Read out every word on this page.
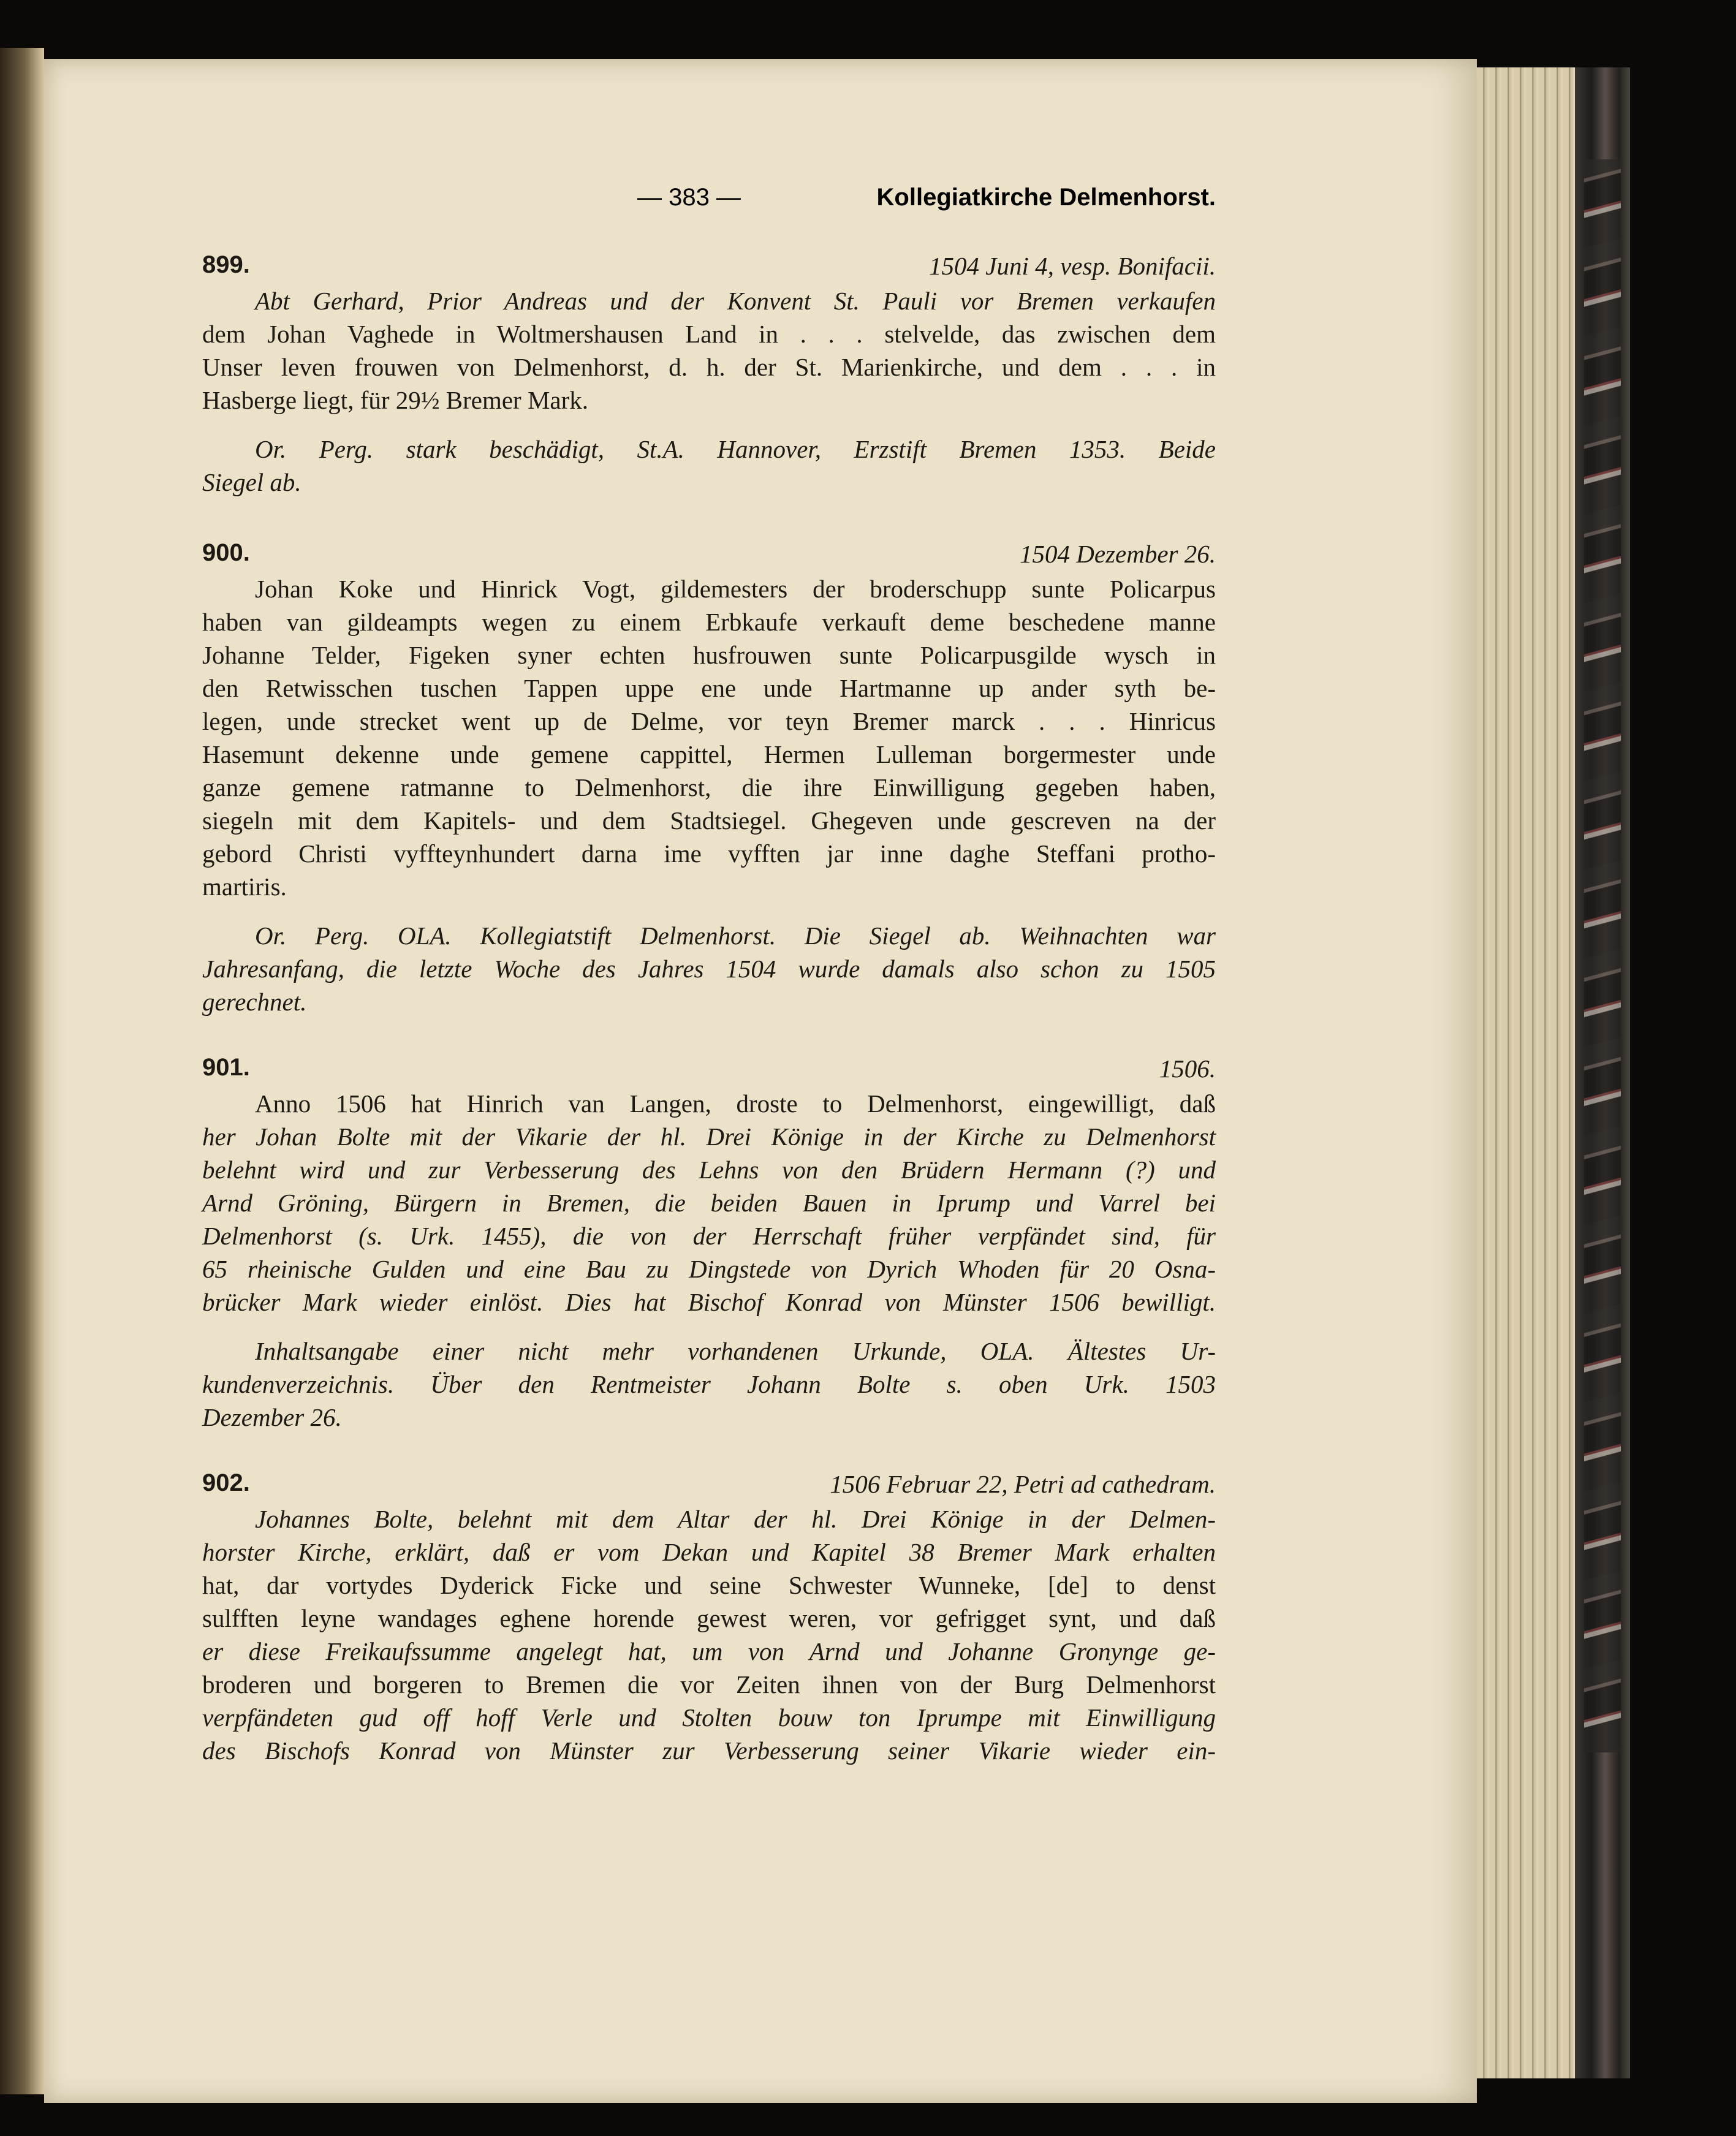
— 383 —	Kollegiatkirche Delmenhorst.
899.	1504 Juni 4, vesp. Bonifacii.
Abt Gerhard, Prior Andreas und der Konvent St. Pauli vor Bremen verkaufen
dem Johan Vaghede in Woltmershausen Land in . . . stelvelde, das zwischen dem
Unser leven frouwen von Delmenhorst, d. h. der St. Marienkirche, und dem . . . in
Hasberge liegt, für 29½ Bremer Mark.
Or. Perg. stark beschädigt, St.A. Hannover, Erzstift Bremen 1353. Beide
Siegel ab.
900.	1504 Dezember 26.
Johan Koke und Hinrick Vogt, gildemesters der broderschupp sunte Policarpus
haben van gildeampts wegen zu einem Erbkaufe verkauft deme beschedene manne
Johanne Telder, Figeken syner echten husfrouwen sunte Policarpusgilde wysch in
den Retwisschen tuschen Tappen uppe ene unde Hartmanne up ander syth be-
legen, unde strecket went up de Delme, vor teyn Bremer marck . . . Hinricus
Hasemunt dekenne unde gemene cappittel, Hermen Lulleman borgermester unde
ganze gemene ratmanne to Delmenhorst, die ihre Einwilligung gegeben haben,
siegeln mit dem Kapitels- und dem Stadtsiegel. Ghegeven unde gescreven na der
gebord Christi vyffteynhundert darna ime vyfften jar inne daghe Steffani protho-
martiris.
Or. Perg. OLA. Kollegiatstift Delmenhorst. Die Siegel ab. Weihnachten war
Jahresanfang, die letzte Woche des Jahres 1504 wurde damals also schon zu 1505
gerechnet.
901.	1506.
Anno 1506 hat Hinrich van Langen, droste to Delmenhorst, eingewilligt, daß
her Johan Bolte mit der Vikarie der hl. Drei Könige in der Kirche zu Delmenhorst
belehnt wird und zur Verbesserung des Lehns von den Brüdern Hermann (?) und
Arnd Gröning, Bürgern in Bremen, die beiden Bauen in Iprump und Varrel bei
Delmenhorst (s. Urk. 1455), die von der Herrschaft früher verpfändet sind, für
65 rheinische Gulden und eine Bau zu Dingstede von Dyrich Whoden für 20 Osna-
brücker Mark wieder einlöst. Dies hat Bischof Konrad von Münster 1506 bewilligt.
Inhaltsangabe einer nicht mehr vorhandenen Urkunde, OLA. Ältestes Ur-
kundenverzeichnis. Über den Rentmeister Johann Bolte s. oben Urk. 1503
Dezember 26.
902.	1506 Februar 22, Petri ad cathedram.
Johannes Bolte, belehnt mit dem Altar der hl. Drei Könige in der Delmen-
horster Kirche, erklärt, daß er vom Dekan und Kapitel 38 Bremer Mark erhalten
hat, dar vortydes Dyderick Ficke und seine Schwester Wunneke, [de] to denst
sulfften leyne wandages eghene horende gewest weren, vor gefrigget synt, und daß
er diese Freikaufssumme angelegt hat, um von Arnd und Johanne Gronynge ge-
broderen und borgeren to Bremen die vor Zeiten ihnen von der Burg Delmenhorst
verpfändeten gud off hoff Verle und Stolten bouw ton Iprumpe mit Einwilligung
des Bischofs Konrad von Münster zur Verbesserung seiner Vikarie wieder ein-
